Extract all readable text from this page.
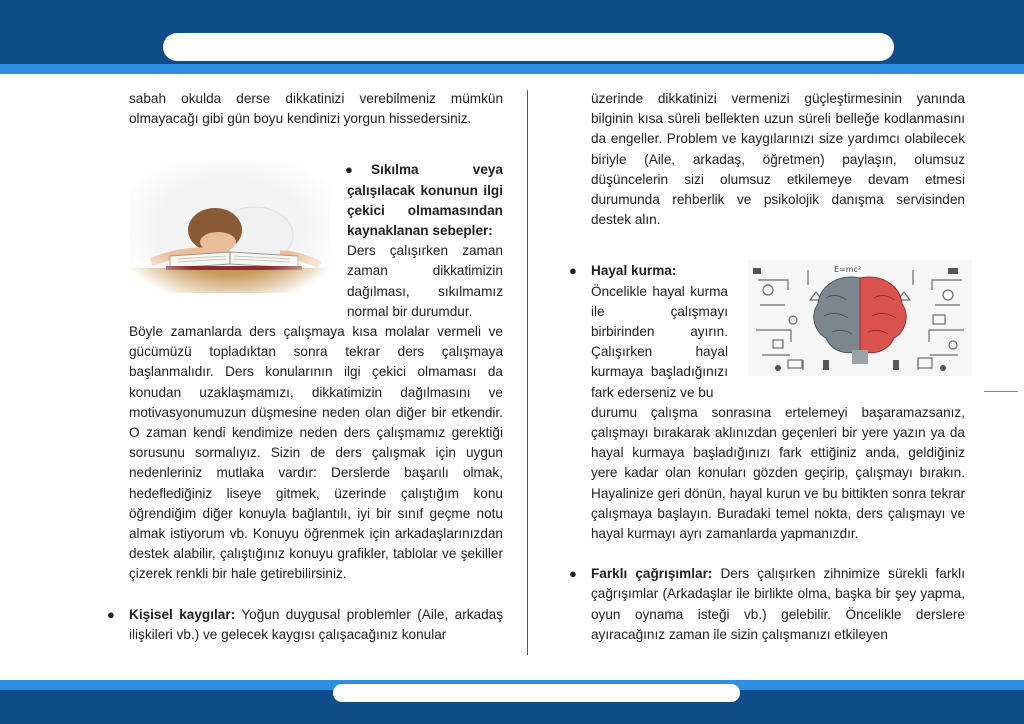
sabah okulda derse dikkatinizi verebilmeniz mümkün olmayacağı gibi gün boyu kendinizi yorgun hissedersiniz.

●	Sıkılma veya çalışılacak konunun ilgi çekici olmamasından kaynaklanan sebepler:

Ders çalışırken zaman zaman dikkatimizin dağılması, sıkılmamız normal bir durumdur.

Böyle zamanlarda ders çalışmaya kısa molalar vermeli ve gücümüzü topladıktan sonra tekrar ders çalışmaya başlanmalıdır. Ders konularının ilgi çekici olmaması da konudan uzaklaşmamızı, dikkatimizin dağılmasını ve motivasyonumuzun düşmesine neden olan diğer bir etkendir. O zaman kendi kendimize neden ders çalışmamız gerektiği sorusunu sormalıyız. Sizin de ders çalışmak için uygun nedenleriniz mutlaka vardır: Derslerde başarılı olmak, hedeflediğiniz liseye gitmek, üzerinde çalıştığım konu öğrendiğim diğer konuyla bağlantılı, iyi bir sınıf geçme notu almak istiyorum vb. Konuyu öğrenmek için arkadaşlarınızdan destek alabilir, çalıştığınız konuyu grafikler, tablolar ve şekiller çizerek renkli bir hale getirebilirsiniz.

● Kişisel kaygılar: Yoğun duygusal problemler (Aile, arkadaş ilişkileri vb.) ve gelecek kaygısı çalışacağınız konular

üzerinde dikkatinizi vermenizi güçleştirmesinin yanında bilginin kısa süreli bellekten uzun süreli belleğe kodlanmasını da engeller. Problem ve kaygılarınızı size yardımcı olabilecek biriyle (Aile, arkadaş, öğretmen) paylaşın, olumsuz düşüncelerin sizi olumsuz etkilemeye devam etmesi durumunda rehberlik ve psikolojik danışma servisinden destek alın.

● Hayal kurma:

Öncelikle hayal kurma ile çalışmayı birbirinden ayırın. Çalışırken hayal kurmaya başladığınızı fark ederseniz ve bu

durumu çalışma sonrasına ertelemeyi başaramazsanız, çalışmayı bırakarak aklınızdan geçenleri bir yere yazın ya da hayal kurmaya başladığınızı fark ettiğiniz anda, geldiğiniz yere kadar olan konuları gözden geçirip, çalışmayı bırakın. Hayalinize geri dönün, hayal kurun ve bu bittikten sonra tekrar çalışmaya başlayın. Buradaki temel nokta, ders çalışmayı ve hayal kurmayı ayrı zamanlarda yapmanızdır.

● Farklı çağrışımlar: Ders çalışırken zihnimize sürekli farklı çağrışımlar (Arkadaşlar ile birlikte olma, başka bir şey yapma, oyun oynama isteği vb.) gelebilir. Öncelikle derslere ayıracağınız zaman ile sizin çalışmanızı etkileyen

E=mc²
